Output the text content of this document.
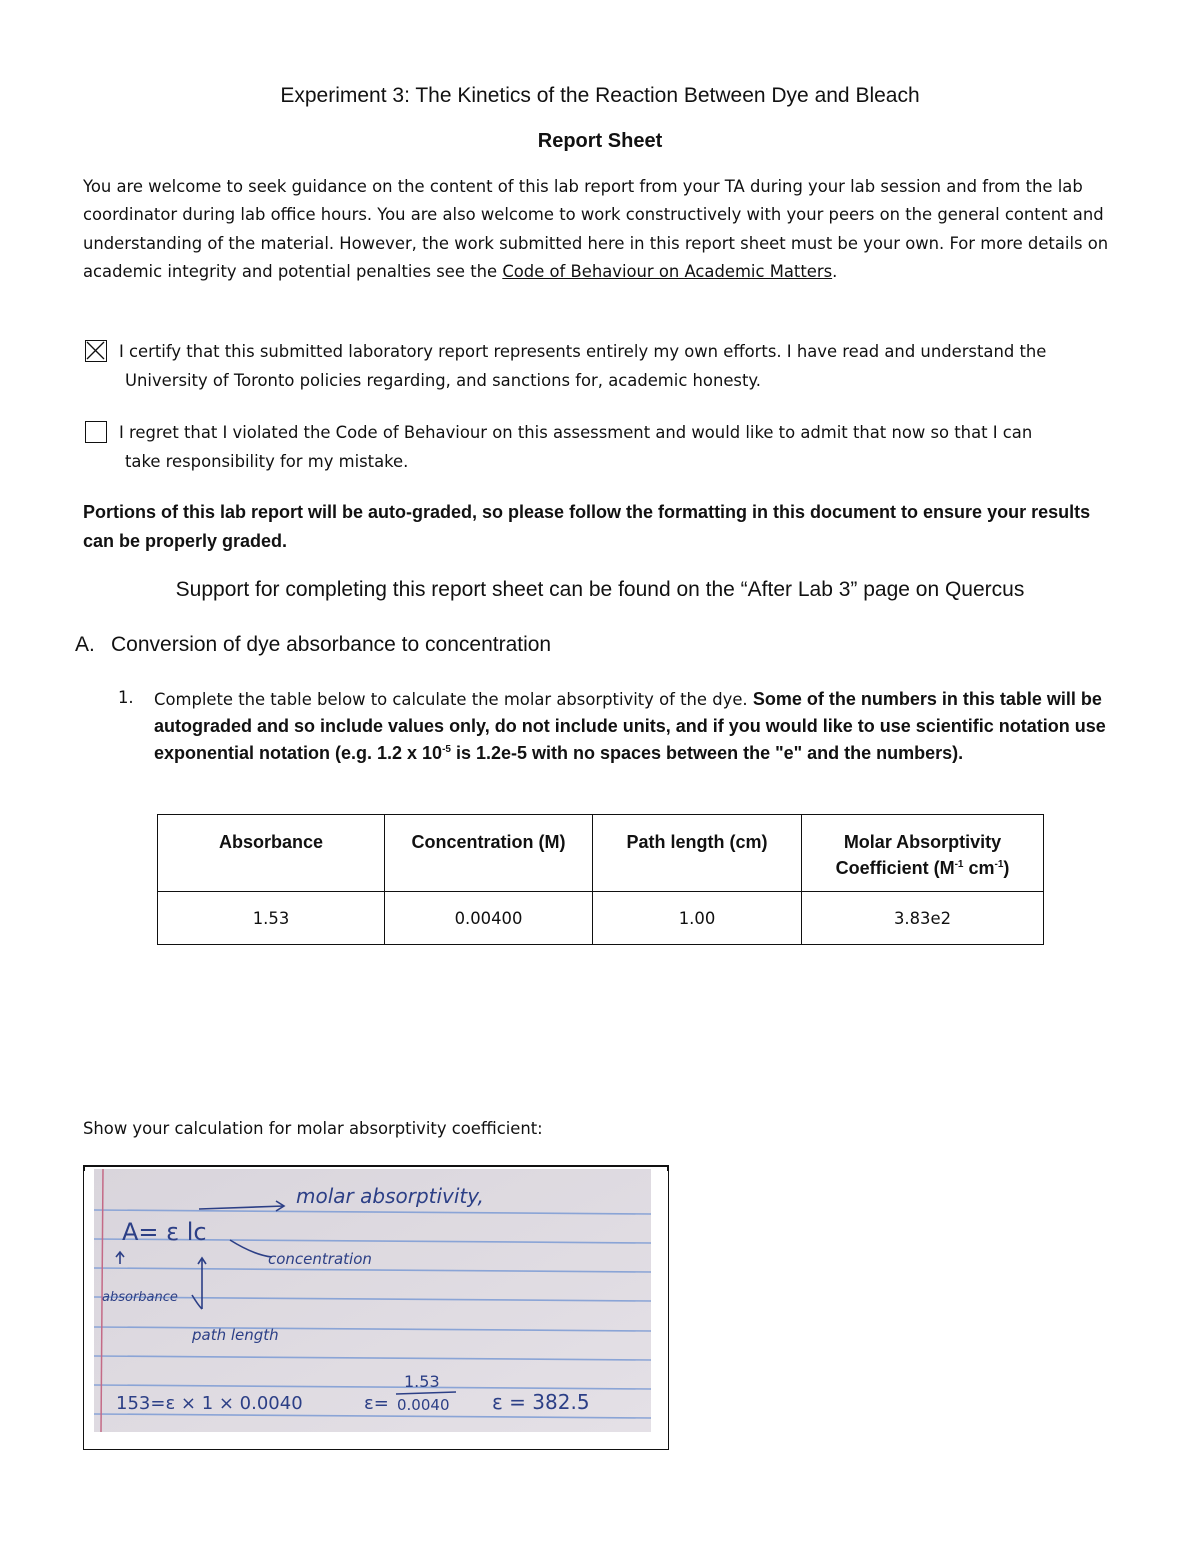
Experiment 3: The Kinetics of the Reaction Between Dye and Bleach
Report Sheet
You are welcome to seek guidance on the content of this lab report from your TA during your lab session and from the lab coordinator during lab office hours. You are also welcome to work constructively with your peers on the general content and understanding of the material. However, the work submitted here in this report sheet must be your own. For more details on academic integrity and potential penalties see the Code of Behaviour on Academic Matters.
I certify that this submitted laboratory report represents entirely my own efforts. I have read and understand the
University of Toronto policies regarding, and sanctions for, academic honesty.
I regret that I violated the Code of Behaviour on this assessment and would like to admit that now so that I can
take responsibility for my mistake.
Portions of this lab report will be auto-graded, so please follow the formatting in this document to ensure your results can be properly graded.
Support for completing this report sheet can be found on the “After Lab 3” page on Quercus
A. Conversion of dye absorbance to concentration
1. Complete the table below to calculate the molar absorptivity of the dye. Some of the numbers in this table will be autograded and so include values only, do not include units, and if you would like to use scientific notation use exponential notation (e.g. 1.2 x $10^{-5}$ is 1.2e-5 with no spaces between the "e" and the numbers).
Absorbance	Concentration (M)	Path length (cm)	Molar Absorptivity
Coefficient ($M^{-1}$ $cm^{-1}$)
1.53	0.00400	1.00	3.83e2
Show your calculation for molar absorptivity coefficient:
A= ε lc
molar absorptivity,
concentration
absorbance
path length
153=ε × 1 × 0.0040	ε=
1.53
0.0040 ε = 382.5
